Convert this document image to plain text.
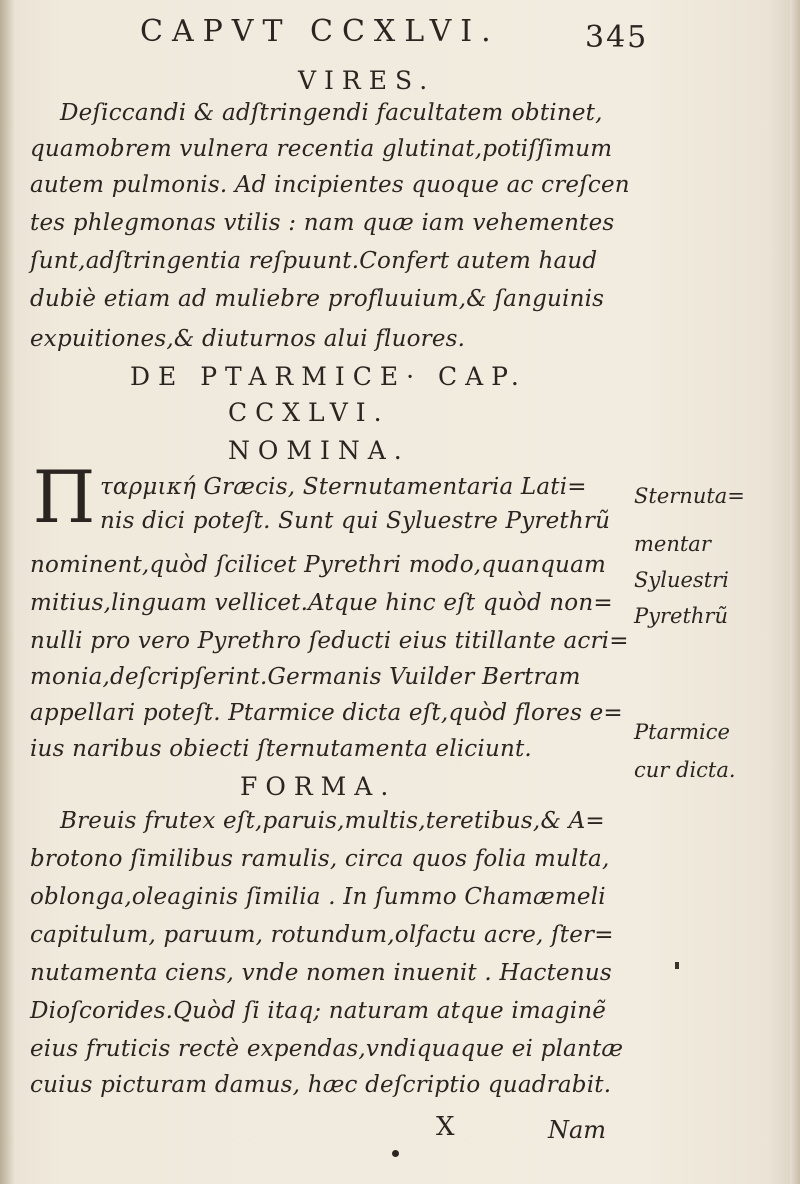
CAPVT CCXLVI.	345
VIRES.
Deſiccandi & adſtringendi facultatem obtinet,
quamobrem vulnera recentia glutinat,potiſſimum
autem pulmonis. Ad incipientes quoque ac creſcen
tes phlegmonas vtilis : nam quæ iam vehementes
ſunt,adſtringentia reſpuunt.Confert autem haud
dubiè etiam ad muliebre profluuium,& ſanguinis
expuitiones,& diuturnos alui fluores.
DE PTARMICE· CAP.
CCXLVI.
NOMINA.
Π ταρμική Græcis, Sternutamentaria Lati=
nis dici poteſt. Sunt qui Syluestre Pyrethrũ
nominent,quòd ſcilicet Pyrethri modo,quanquam
mitius,linguam vellicet.Atque hinc eſt quòd non=
nulli pro vero Pyrethro ſeducti eius titillante acri=
monia,deſcripſerint.Germanis Vuilder Bertram
appellari poteſt. Ptarmice dicta eſt,quòd flores e=
ius naribus obiecti ſternutamenta eliciunt.
Sternuta=
mentar
Syluestri
Pyrethrũ
Ptarmice
cur dicta.
FORMA.
Breuis frutex eſt,paruis,multis,teretibus,& A=
brotono ſimilibus ramulis, circa quos folia multa,
oblonga,oleaginis ſimilia . In ſummo Chamæmeli
capitulum, paruum, rotundum,olfactu acre, ſter=
nutamenta ciens, vnde nomen inuenit . Hactenus
Dioſcorides.Quòd ſi itaq; naturam atque imaginẽ
eius fruticis rectè expendas,vndiquaque ei plantæ
cuius picturam damus, hæc deſcriptio quadrabit.
X	Nam
